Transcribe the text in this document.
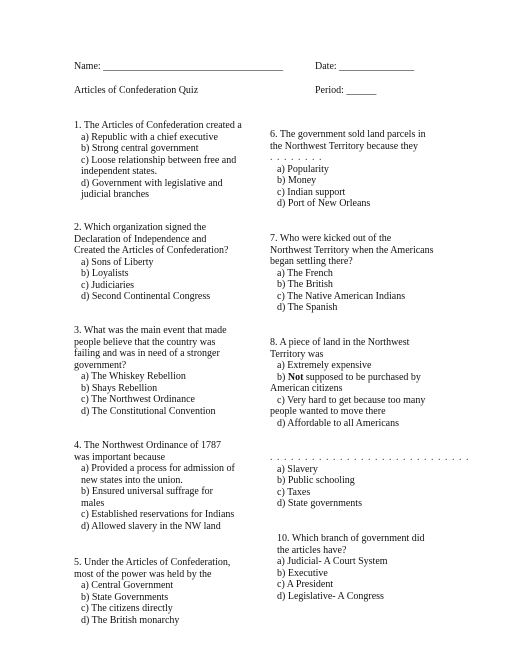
Name: ____________________________________	Date: _______________
Articles of Confederation Quiz	Period: ______
1. The Articles of Confederation created a
a) Republic with a chief executive
b) Strong central government
c) Loose relationship between free and
independent states.
d) Government with legislative and
judicial branches
2. Which organization signed the
Declaration of Independence and
Created the Articles of Confederation?
a) Sons of Liberty
b) Loyalists
c) Judiciaries
d) Second Continental Congress
3. What was the main event that made
people believe that the country was
failing and was in need of a stronger
government?
a) The Whiskey Rebellion
b) Shays Rebellion
c) The Northwest Ordinance
d) The Constitutional Convention
4. The Northwest Ordinance of 1787
was important because
a) Provided a process for admission of
new states into the union.
b) Ensured universal suffrage for
males
c) Established reservations for Indians
d) Allowed slavery in the NW land
5. Under the Articles of Confederation,
most of the power was held by the
a) Central Government
b) State Governments
c) The citizens directly
d) The British monarchy
6. The government sold land parcels in
the Northwest Territory because they
. . . . . . . .
a) Popularity
b) Money
c) Indian support
d) Port of New Orleans
7. Who were kicked out of the
Northwest Territory when the Americans
began settling there?
a) The French
b) The British
c) The Native American Indians
d) The Spanish
8. A piece of land in the Northwest
Territory was
a) Extremely expensive
b) Not supposed to be purchased by
American citizens
c) Very hard to get because too many
people wanted to move there
d) Affordable to all Americans
. . . . . . . . . . . . . . . . . . . . . . . . . . . . .
a) Slavery
b) Public schooling
c) Taxes
d) State governments
10. Which branch of government did
the articles have?
a) Judicial- A Court System
b) Executive
c) A President
d) Legislative- A Congress
